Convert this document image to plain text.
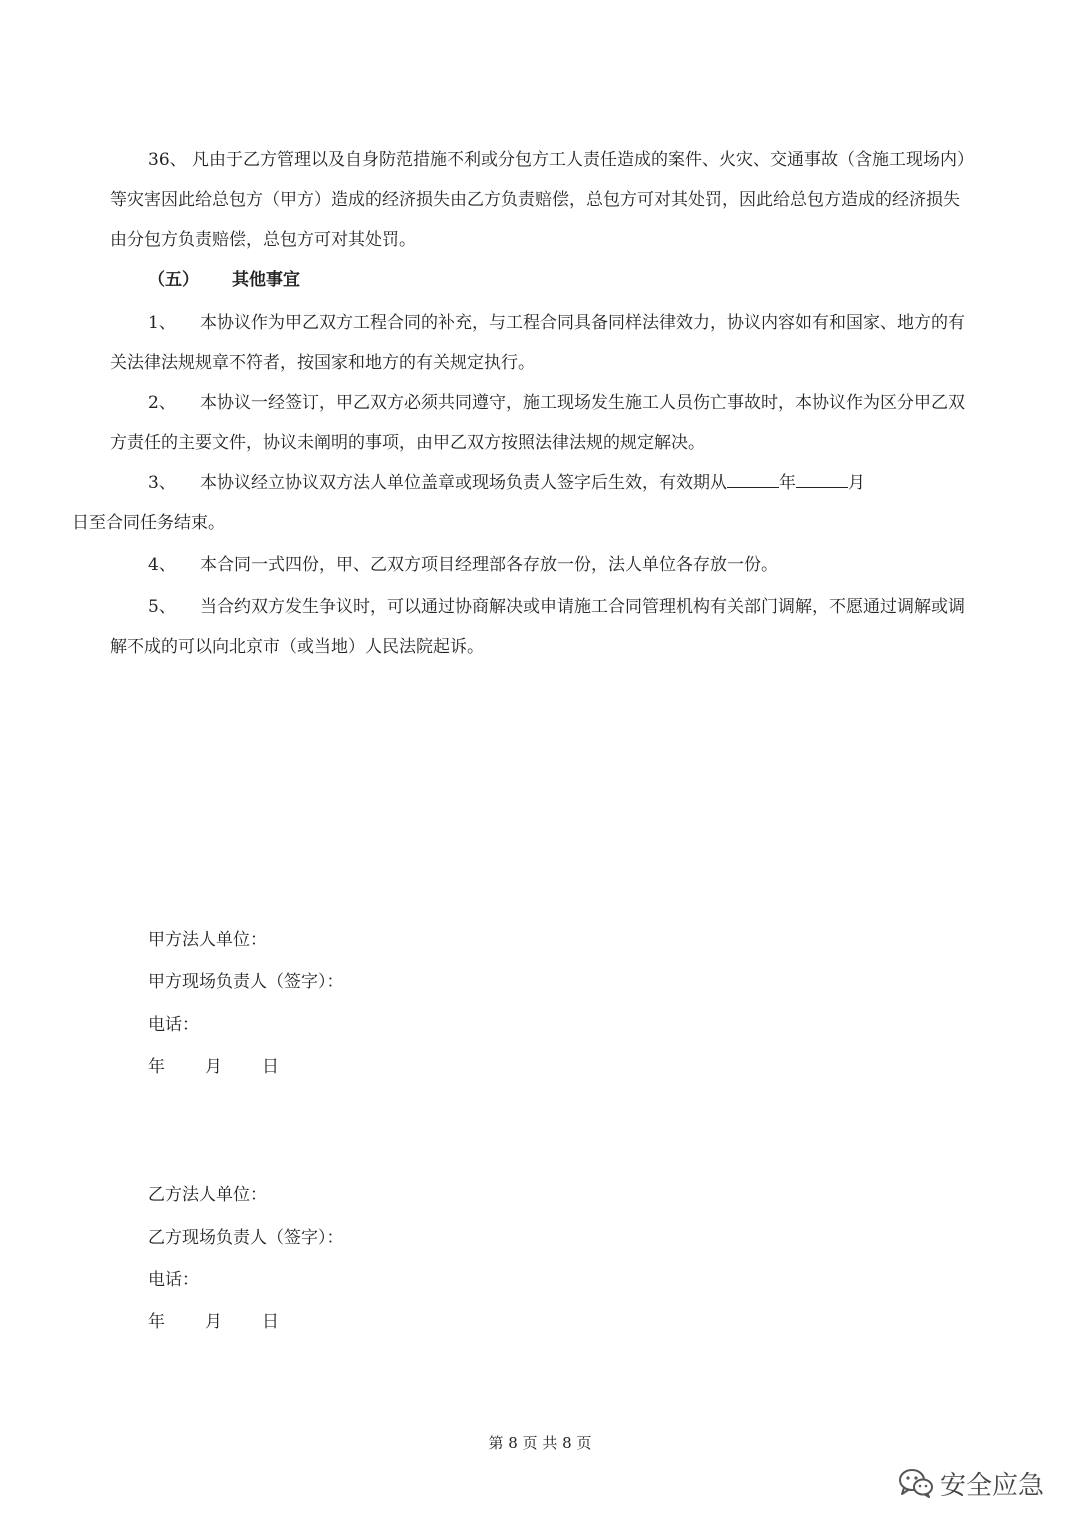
36、 凡由于乙方管理以及自身防范措施不利或分包方工人责任造成的案件、火灾、交通事故（含施工现场内）等灾害因此给总包方（甲方）造成的经济损失由乙方负责赔偿，总包方可对其处罚，因此给总包方造成的经济损失由分包方负责赔偿，总包方可对其处罚。
（五） 其他事宜
1、 本协议作为甲乙双方工程合同的补充，与工程合同具备同样法律效力，协议内容如有和国家、地方的有关法律法规规章不符者，按国家和地方的有关规定执行。
2、 本协议一经签订，甲乙双方必须共同遵守，施工现场发生施工人员伤亡事故时，本协议作为区分甲乙双方责任的主要文件，协议未阐明的事项，由甲乙双方按照法律法规的规定解决。
3、 本协议经立协议双方法人单位盖章或现场负责人签字后生效，有效期从	年	月
日至合同任务结束。
4、 本合同一式四份，甲、乙双方项目经理部各存放一份，法人单位各存放一份。
5、 当合约双方发生争议时，可以通过协商解决或申请施工合同管理机构有关部门调解，不愿通过调解或调解不成的可以向北京市（或当地）人民法院起诉。
甲方法人单位：
甲方现场负责人（签字）：
电话：
年 月 日
乙方法人单位：
乙方现场负责人（签字）：
电话：
年 月 日
第 8 页 共 8 页
安全应急
